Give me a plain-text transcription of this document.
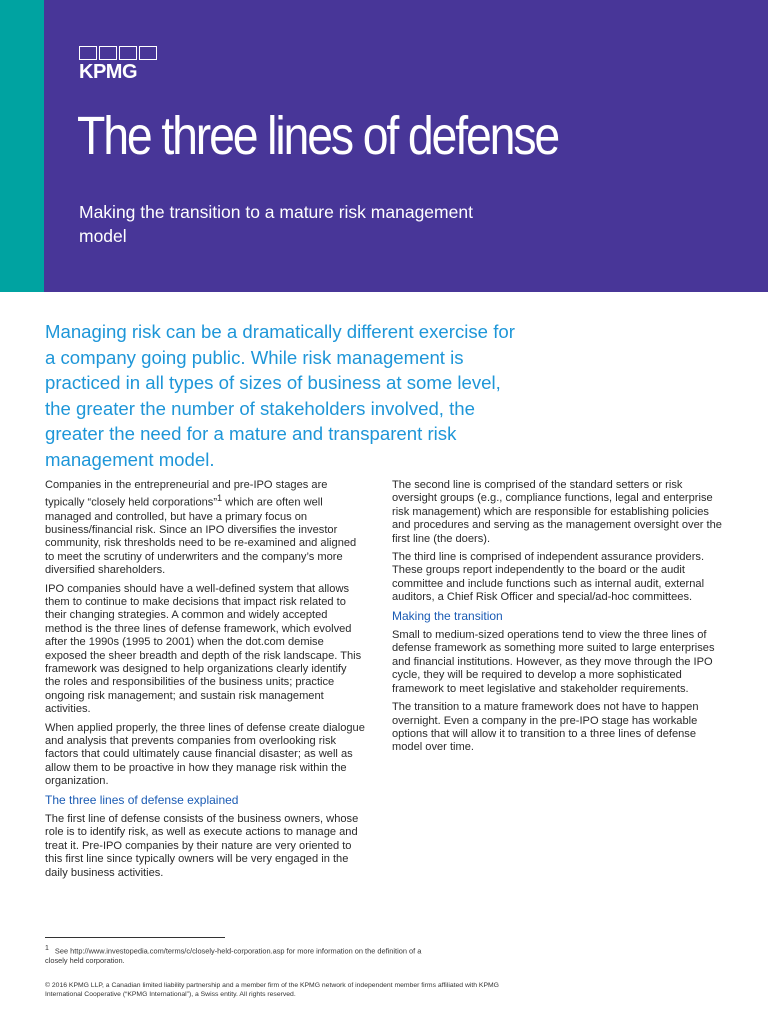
KPMG
The three lines of defense
Making the transition to a mature risk management model
Managing risk can be a dramatically different exercise for a company going public. While risk management is practiced in all types of sizes of business at some level, the greater the number of stakeholders involved, the greater the need for a mature and transparent risk management model.

Companies in the entrepreneurial and pre-IPO stages are typically “closely held corporations”$^1$ which are often well managed and controlled, but have a primary focus on business/financial risk. Since an IPO diversifies the investor community, risk thresholds need to be re-examined and aligned to meet the scrutiny of underwriters and the company’s more diversified shareholders.

IPO companies should have a well-defined system that allows them to continue to make decisions that impact risk related to their changing strategies. A common and widely accepted method is the three lines of defense framework, which evolved after the 1990s (1995 to 2001) when the dot.com demise exposed the sheer breadth and depth of the risk landscape. This framework was designed to help organizations clearly identify the roles and responsibilities of the business units; practice ongoing risk management; and sustain risk management activities.

When applied properly, the three lines of defense create dialogue and analysis that prevents companies from overlooking risk factors that could ultimately cause financial disaster; as well as allow them to be proactive in how they manage risk within the organization.

The three lines of defense explained

The first line of defense consists of the business owners, whose role is to identify risk, as well as execute actions to manage and treat it. Pre-IPO companies by their nature are very oriented to this first line since typically owners will be very engaged in the daily business activities.

The second line is comprised of the standard setters or risk oversight groups (e.g., compliance functions, legal and enterprise risk management) which are responsible for establishing policies and procedures and serving as the management oversight over the first line (the doers).

The third line is comprised of independent assurance providers. These groups report independently to the board or the audit committee and include functions such as internal audit, external auditors, a Chief Risk Officer and special/ad-hoc committees.

Making the transition

Small to medium-sized operations tend to view the three lines of defense framework as something more suited to large enterprises and financial institutions. However, as they move through the IPO cycle, they will be required to develop a more sophisticated framework to meet legislative and stakeholder requirements.

The transition to a mature framework does not have to happen overnight. Even a company in the pre-IPO stage has workable options that will allow it to transition to a three lines of defense model over time.

$^1$ See http://www.investopedia.com/terms/c/closely-held-corporation.asp for more information on the definition of a closely held corporation.
© 2016 KPMG LLP, a Canadian limited liability partnership and a member firm of the KPMG network of independent member firms affiliated with KPMG International Cooperative (“KPMG International”), a Swiss entity. All rights reserved.
